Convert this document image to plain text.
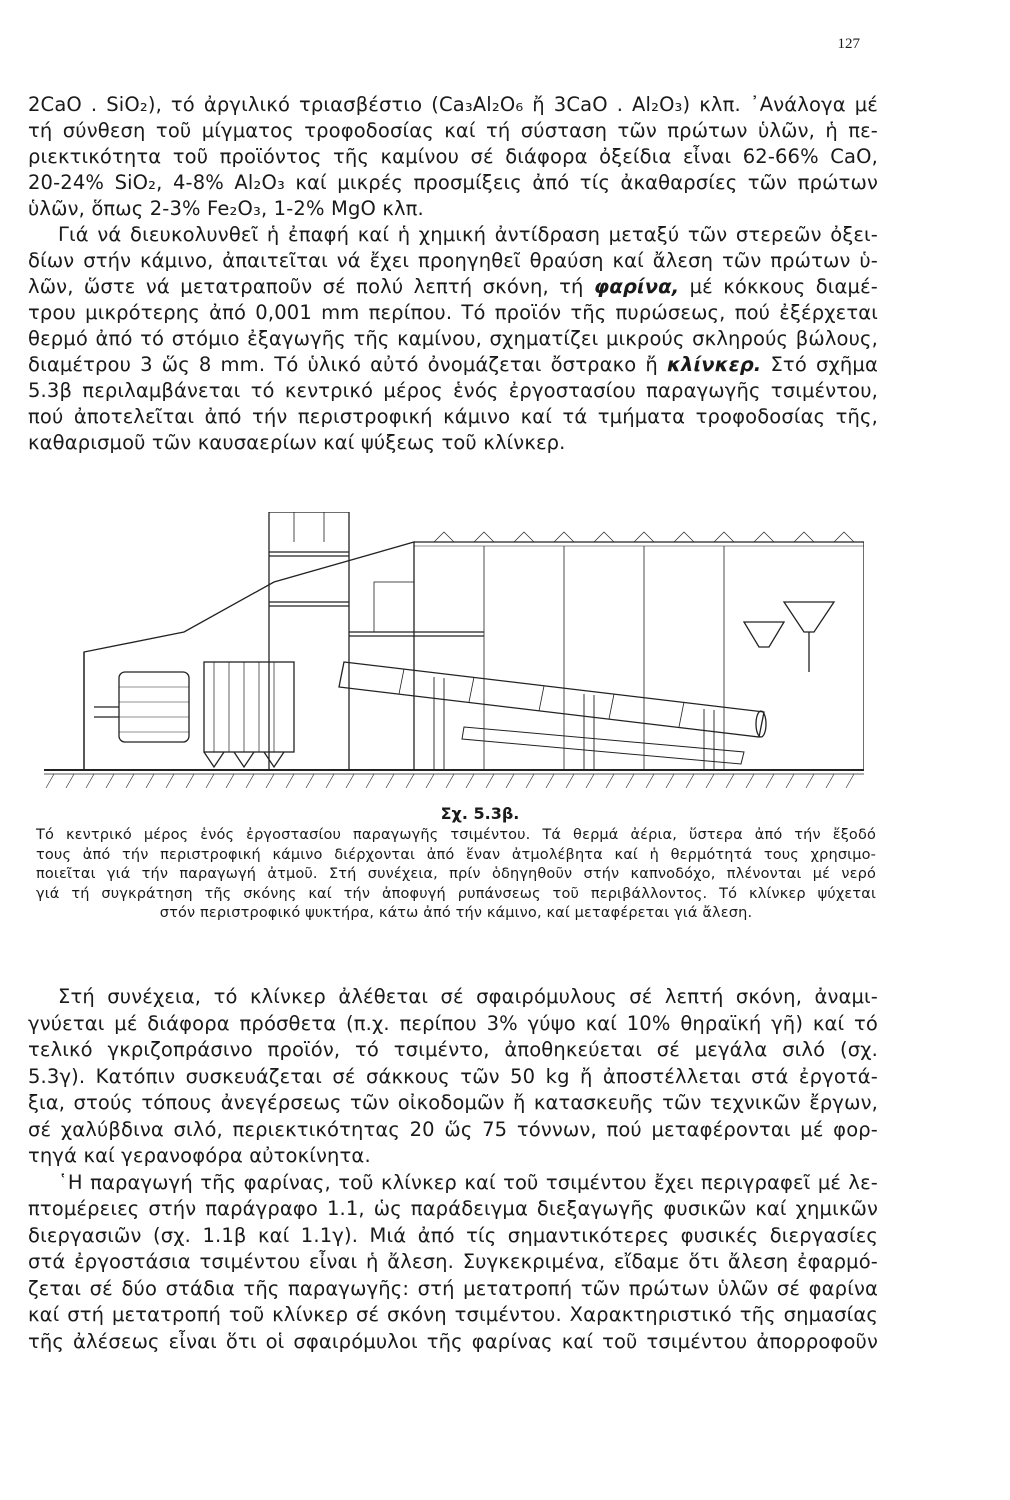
127
2CaO . SiO₂), τό ἀργιλικό τριασβέστιο (Ca₃Al₂O₆ ἤ 3CaO . Al₂O₃) κλπ. ᾿Ανάλογα μέ
τή σύνθεση τοῦ μίγματος τροφοδοσίας καί τή σύσταση τῶν πρώτων ὑλῶν, ἡ πε-
ριεκτικότητα τοῦ προϊόντος τῆς καμίνου σέ διάφορα ὀξείδια εἶναι 62-66% CaO,
20-24% SiO₂, 4-8% Al₂O₃ καί μικρές προσμίξεις ἀπό τίς ἀκαθαρσίες τῶν πρώτων
ὑλῶν, ὅπως 2-3% Fe₂O₃, 1-2% MgO κλπ.
Γιά νά διευκολυνθεῖ ἡ ἐπαφή καί ἡ χημική ἀντίδραση μεταξύ τῶν στερεῶν ὀξει-
δίων στήν κάμινο, ἀπαιτεῖται νά ἔχει προηγηθεῖ θραύση καί ἄλεση τῶν πρώτων ὑ-
λῶν, ὥστε νά μετατραποῦν σέ πολύ λεπτή σκόνη, τή φαρίνα, μέ κόκκους διαμέ-
τρου μικρότερης ἀπό 0,001 mm περίπου. Τό προϊόν τῆς πυρώσεως, πού ἐξέρχεται
θερμό ἀπό τό στόμιο ἐξαγωγῆς τῆς καμίνου, σχηματίζει μικρούς σκληρούς βώλους,
διαμέτρου 3 ὥς 8 mm. Τό ὑλικό αὐτό ὀνομάζεται ὄστρακο ἤ κλίνκερ. Στό σχῆμα
5.3β περιλαμβάνεται τό κεντρικό μέρος ἑνός ἐργοστασίου παραγωγῆς τσιμέντου,
πού ἀποτελεῖται ἀπό τήν περιστροφική κάμινο καί τά τμήματα τροφοδοσίας τῆς,
καθαρισμοῦ τῶν καυσαερίων καί ψύξεως τοῦ κλίνκερ.
Σχ. 5.3β.
Τό κεντρικό μέρος ἑνός ἐργοστασίου παραγωγῆς τσιμέντου. Τά θερμά ἀέρια, ὕστερα ἀπό τήν ἔξοδό
τους ἀπό τήν περιστροφική κάμινο διέρχονται ἀπό ἕναν ἀτμολέβητα καί ἡ θερμότητά τους χρησιμο-
ποιεῖται γιά τήν παραγωγή ἀτμοῦ. Στή συνέχεια, πρίν ὁδηγηθοῦν στήν καπνοδόχο, πλένονται μέ νερό
γιά τή συγκράτηση τῆς σκόνης καί τήν ἀποφυγή ρυπάνσεως τοῦ περιβάλλοντος. Τό κλίνκερ ψύχεται
στόν περιστροφικό ψυκτήρα, κάτω ἀπό τήν κάμινο, καί μεταφέρεται γιά ἄλεση.
Στή συνέχεια, τό κλίνκερ ἀλέθεται σέ σφαιρόμυλους σέ λεπτή σκόνη, ἀναμι-
γνύεται μέ διάφορα πρόσθετα (π.χ. περίπου 3% γύψο καί 10% θηραϊκή γῆ) καί τό
τελικό γκριζοπράσινο προϊόν, τό τσιμέντο, ἀποθηκεύεται σέ μεγάλα σιλό (σχ.
5.3γ). Κατόπιν συσκευάζεται σέ σάκκους τῶν 50 kg ἤ ἀποστέλλεται στά ἐργοτά-
ξια, στούς τόπους ἀνεγέρσεως τῶν οἰκοδομῶν ἤ κατασκευῆς τῶν τεχνικῶν ἔργων,
σέ χαλύβδινα σιλό, περιεκτικότητας 20 ὥς 75 τόννων, πού μεταφέρονται μέ φορ-
τηγά καί γερανοφόρα αὐτοκίνητα.
῾Η παραγωγή τῆς φαρίνας, τοῦ κλίνκερ καί τοῦ τσιμέντου ἔχει περιγραφεῖ μέ λε-
πτομέρειες στήν παράγραφο 1.1, ὡς παράδειγμα διεξαγωγῆς φυσικῶν καί χημικῶν
διεργασιῶν (σχ. 1.1β καί 1.1γ). Μιά ἀπό τίς σημαντικότερες φυσικές διεργασίες
στά ἐργοστάσια τσιμέντου εἶναι ἡ ἄλεση. Συγκεκριμένα, εἴδαμε ὅτι ἄλεση ἐφαρμό-
ζεται σέ δύο στάδια τῆς παραγωγῆς: στή μετατροπή τῶν πρώτων ὑλῶν σέ φαρίνα
καί στή μετατροπή τοῦ κλίνκερ σέ σκόνη τσιμέντου. Χαρακτηριστικό τῆς σημασίας
τῆς ἀλέσεως εἶναι ὅτι οἱ σφαιρόμυλοι τῆς φαρίνας καί τοῦ τσιμέντου ἀπορροφοῦν
